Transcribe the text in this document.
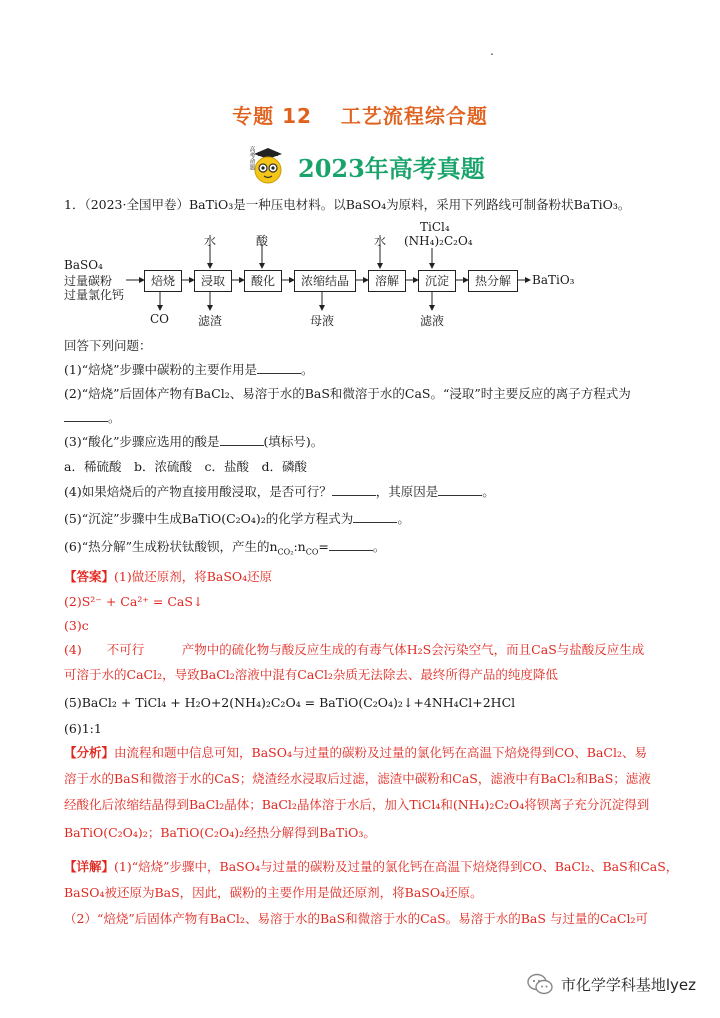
.
专题 12　 工艺流程综合题
高考命题 2023年高考真题
1．（2023·全国甲卷）BaTiO₃是一种压电材料。以BaSO₄为原料，采用下列路线可制备粉状BaTiO₃。
BaSO₄
过量碳粉
过量氯化钙
焙烧	浸取	酸化	浓缩结晶	溶解	沉淀	热分解	BaTiO₃
水	酸	水
TiCl₄
(NH₄)₂C₂O₄
CO 滤渣	母液	滤液
回答下列问题：
(1)“焙烧”步骤中碳粉的主要作用是	。
(2)“焙烧”后固体产物有BaCl₂、易溶于水的BaS和微溶于水的CaS。“浸取”时主要反应的离子方程式为
。
(3)“酸化”步骤应选用的酸是	(填标号)。
a．稀硫酸　b．浓硫酸　c．盐酸　d．磷酸
(4)如果焙烧后的产物直接用酸浸取，是否可行？	，其原因是	。
(5)“沉淀”步骤中生成BaTiO(C₂O₄)₂的化学方程式为	。
(6)“热分解”生成粉状钛酸钡，产生的$n_{CO_2}:n_{CO}=$	。
【答案】(1)做还原剂，将BaSO₄还原
(2)S²⁻ + Ca²⁺ = CaS↓
(3)c
(4)　　不可行　　　产物中的硫化物与酸反应生成的有毒气体H₂S会污染空气，而且CaS与盐酸反应生成
可溶于水的CaCl₂，导致BaCl₂溶液中混有CaCl₂杂质无法除去、最终所得产品的纯度降低
(5)BaCl₂ + TiCl₄ + H₂O+2(NH₄)₂C₂O₄ = BaTiO(C₂O₄)₂↓+4NH₄Cl+2HCl
(6)1:1
【分析】由流程和题中信息可知，BaSO₄与过量的碳粉及过量的氯化钙在高温下焙烧得到CO、BaCl₂、易
溶于水的BaS和微溶于水的CaS；烧渣经水浸取后过滤，滤渣中碳粉和CaS，滤液中有BaCl₂和BaS；滤液
经酸化后浓缩结晶得到BaCl₂晶体；BaCl₂晶体溶于水后，加入TiCl₄和(NH₄)₂C₂O₄将钡离子充分沉淀得到
BaTiO(C₂O₄)₂；BaTiO(C₂O₄)₂经热分解得到BaTiO₃。
【详解】(1)“焙烧”步骤中，BaSO₄与过量的碳粉及过量的氯化钙在高温下焙烧得到CO、BaCl₂、BaS和CaS，
BaSO₄被还原为BaS，因此，碳粉的主要作用是做还原剂，将BaSO₄还原。
（2）“焙烧”后固体产物有BaCl₂、易溶于水的BaS和微溶于水的CaS。易溶于水的BaS 与过量的CaCl₂可
市化学学科基地lyez
